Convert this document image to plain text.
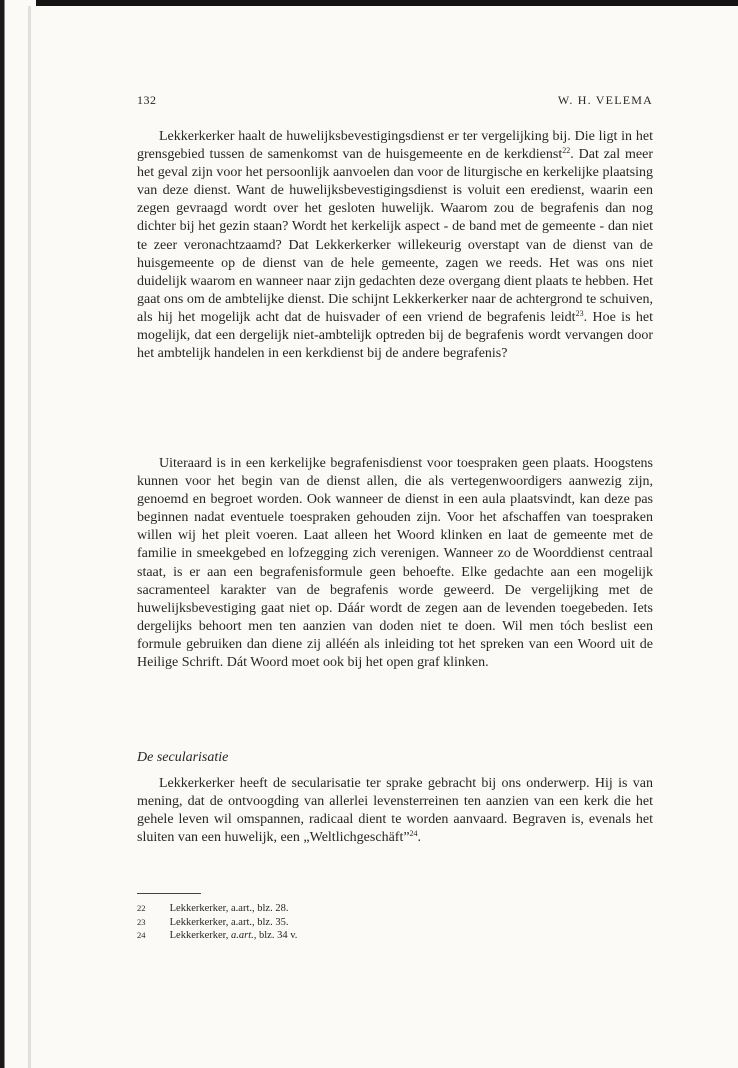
132	W. H. VELEMA

Lekkerkerker haalt de huwelijksbevestigingsdienst er ter vergelijking bij. Die ligt in het grensgebied tussen de samenkomst van de huisgemeente en de kerkdienst$^{22}$. Dat zal meer het geval zijn voor het persoonlijk aanvoelen dan voor de liturgische en kerkelijke plaatsing van deze dienst. Want de huwelijksbevestigingsdienst is voluit een eredienst, waarin een zegen gevraagd wordt over het gesloten huwelijk. Waarom zou de begrafenis dan nog dichter bij het gezin staan? Wordt het kerkelijk aspect - de band met de gemeente - dan niet te zeer veronachtzaamd? Dat Lekkerkerker willekeurig overstapt van de dienst van de huisgemeente op de dienst van de hele gemeente, zagen we reeds. Het was ons niet duidelijk waarom en wanneer naar zijn gedachten deze overgang dient plaats te hebben. Het gaat ons om de ambtelijke dienst. Die schijnt Lekkerkerker naar de achtergrond te schuiven, als hij het mogelijk acht dat de huisvader of een vriend de begrafenis leidt$^{23}$. Hoe is het mogelijk, dat een dergelijk niet-ambtelijk optreden bij de begrafenis wordt vervangen door het ambtelijk handelen in een kerkdienst bij de andere begrafenis?

Uiteraard is in een kerkelijke begrafenisdienst voor toespraken geen plaats. Hoogstens kunnen voor het begin van de dienst allen, die als vertegenwoordigers aanwezig zijn, genoemd en begroet worden. Ook wanneer de dienst in een aula plaatsvindt, kan deze pas beginnen nadat eventuele toespraken gehouden zijn. Voor het afschaffen van toespraken willen wij het pleit voeren. Laat alleen het Woord klinken en laat de gemeente met de familie in smeekgebed en lofzegging zich verenigen. Wanneer zo de Woorddienst centraal staat, is er aan een begrafenisformule geen behoefte. Elke gedachte aan een mogelijk sacramenteel karakter van de begrafenis worde geweerd. De vergelijking met de huwelijksbevestiging gaat niet op. Dáár wordt de zegen aan de levenden toegebeden. Iets dergelijks behoort men ten aanzien van doden niet te doen. Wil men tóch beslist een formule gebruiken dan diene zij alléén als inleiding tot het spreken van een Woord uit de Heilige Schrift. Dát Woord moet ook bij het open graf klinken.

De secularisatie

Lekkerkerker heeft de secularisatie ter sprake gebracht bij ons onderwerp. Hij is van mening, dat de ontvoogding van allerlei levensterreinen ten aanzien van een kerk die het gehele leven wil omspannen, radicaal dient te worden aanvaard. Begraven is, evenals het sluiten van een huwelijk, een „Weltlichgeschäft”$^{24}$.

22 Lekkerkerker, a.art., blz. 28.
23 Lekkerkerker, a.art., blz. 35.
24 Lekkerkerker, a.art., blz. 34 v.
